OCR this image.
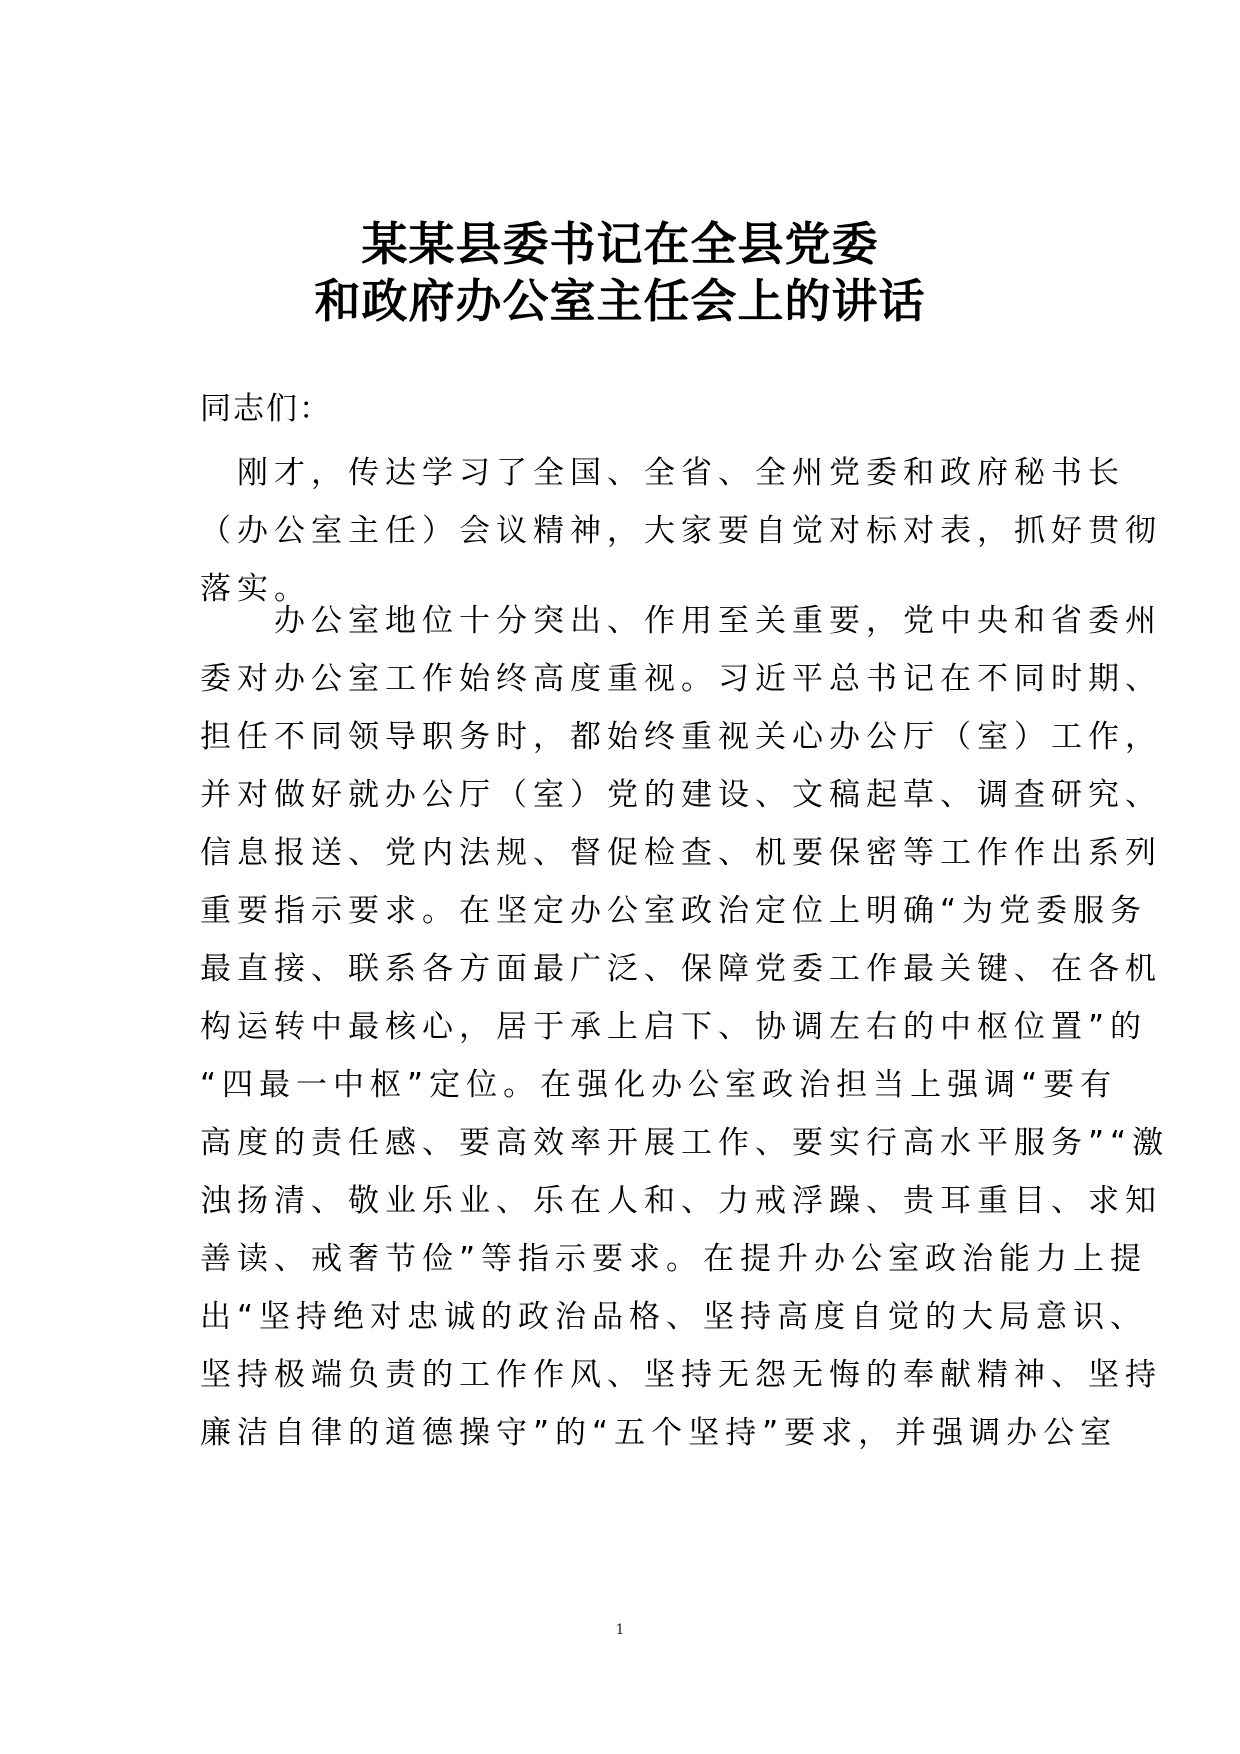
某某县委书记在全县党委
和政府办公室主任会上的讲话
同志们：
　刚才，传达学习了全国、全省、全州党委和政府秘书长
（办公室主任）会议精神，大家要自觉对标对表，抓好贯彻
落实。
　　办公室地位十分突出、作用至关重要，党中央和省委州
委对办公室工作始终高度重视。习近平总书记在不同时期、
担任不同领导职务时，都始终重视关心办公厅（室）工作，
并对做好就办公厅（室）党的建设、文稿起草、调查研究、
信息报送、党内法规、督促检查、机要保密等工作作出系列
重要指示要求。在坚定办公室政治定位上明确“为党委服务
最直接、联系各方面最广泛、保障党委工作最关键、在各机
构运转中最核心，居于承上启下、协调左右的中枢位置”的
“四最一中枢”定位。在强化办公室政治担当上强调“要有
高度的责任感、要高效率开展工作、要实行高水平服务”“激
浊扬清、敬业乐业、乐在人和、力戒浮躁、贵耳重目、求知
善读、戒奢节俭”等指示要求。在提升办公室政治能力上提
出“坚持绝对忠诚的政治品格、坚持高度自觉的大局意识、
坚持极端负责的工作作风、坚持无怨无悔的奉献精神、坚持
廉洁自律的道德操守”的“五个坚持”要求，并强调办公室
1
